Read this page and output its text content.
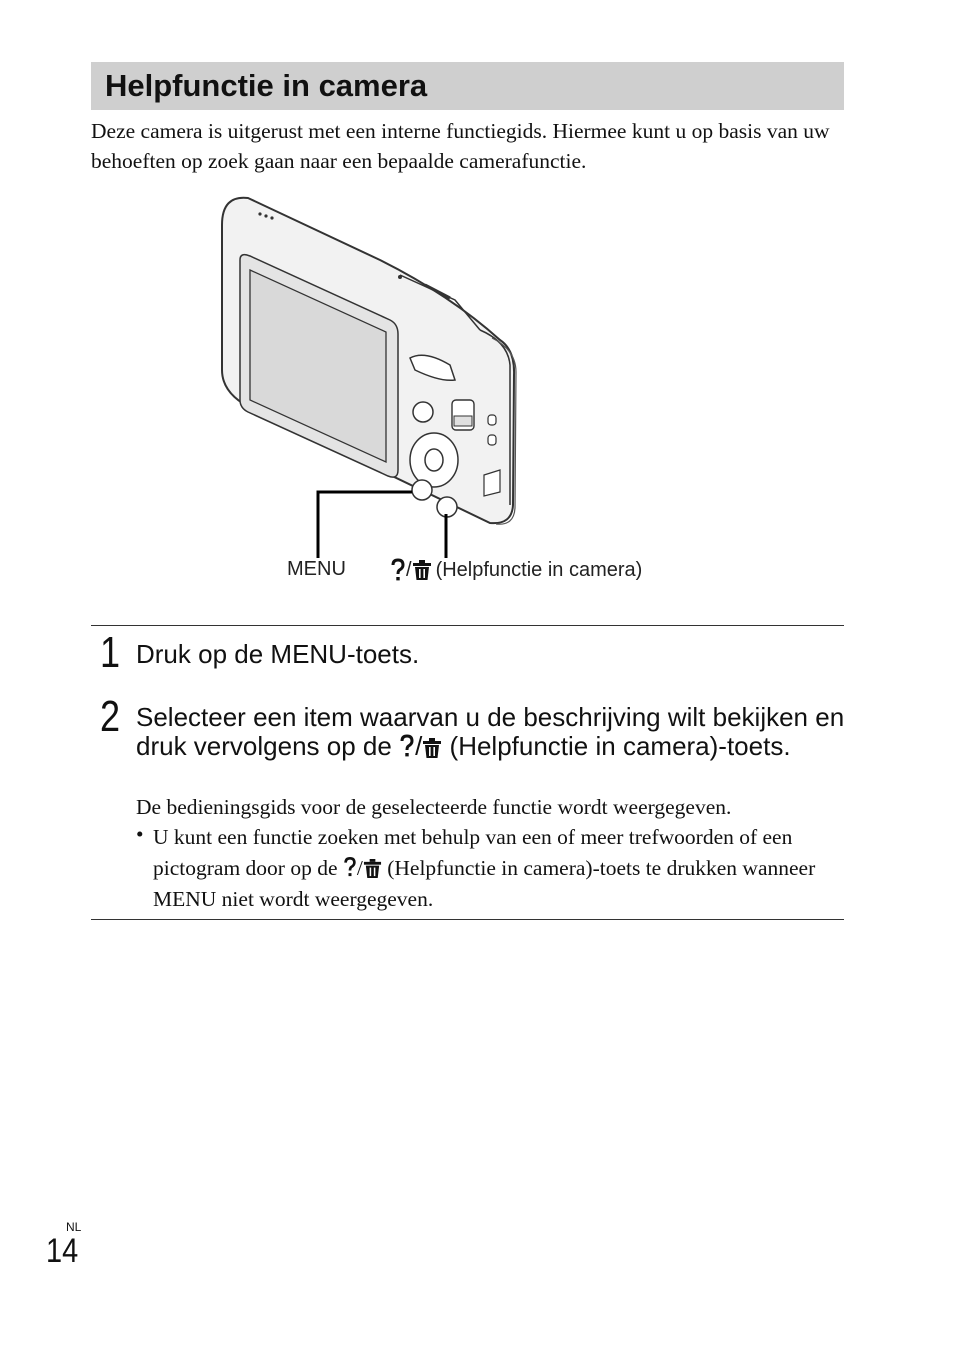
Helpfunctie in camera

Deze camera is uitgerust met een interne functiegids. Hiermee kunt u op basis van uw behoeften op zoek gaan naar een bepaalde camerafunctie.

MENU	/ (Helpfunctie in camera)
1 Druk op de MENU-toets.

2 Selecteer een item waarvan u de beschrijving wilt bekijken en druk vervolgens op de / (Helpfunctie in camera)-toets.

De bedieningsgids voor de geselecteerde functie wordt weergegeven.

• U kunt een functie zoeken met behulp van een of meer trefwoorden of een pictogram door op de / (Helpfunctie in camera)-toets te drukken wanneer MENU niet wordt weergegeven.

NL
14
